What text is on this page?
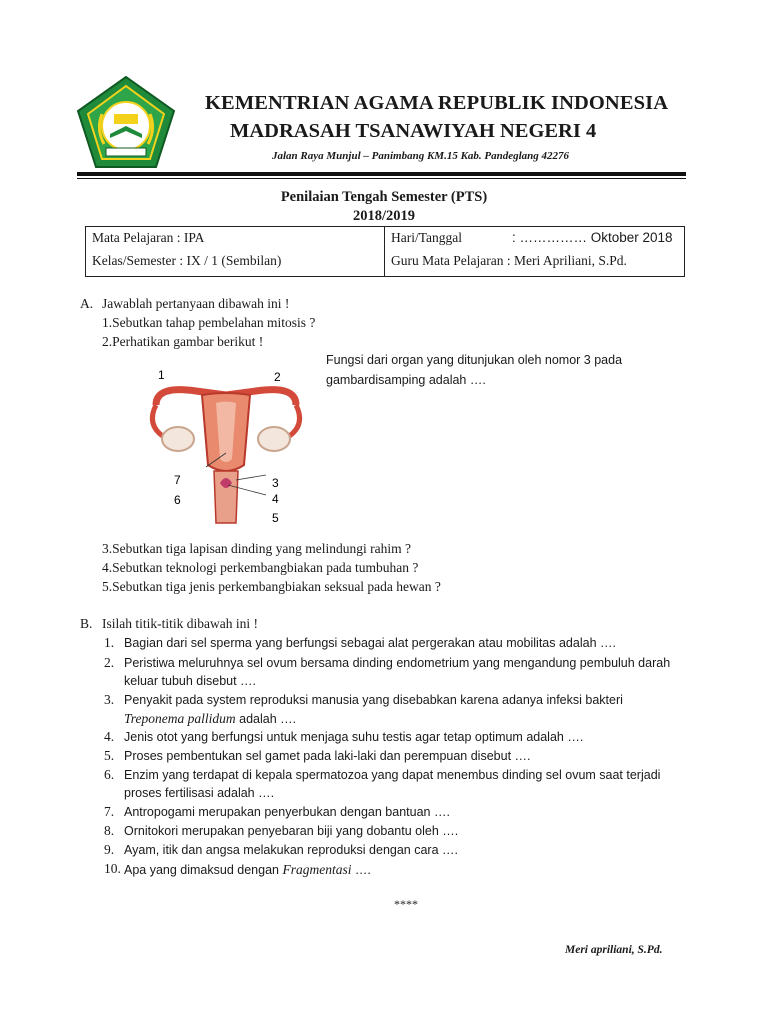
KEMENTRIAN AGAMA REPUBLIK INDONESIA
MADRASAH TSANAWIYAH NEGERI 4
Jalan Raya Munjul – Panimbang KM.15 Kab. Pandeglang 42276
Penilaian Tengah Semester (PTS)
2018/2019
Mata Pelajaran : IPA
Kelas/Semester : IX / 1 (Sembilan)
Hari/Tanggal	: …………… Oktober 2018
Guru Mata Pelajaran : Meri Apriliani, S.Pd.
A. Jawablah pertanyaan dibawah ini !
1.Sebutkan tahap pembelahan mitosis ?
2.Perhatikan gambar berikut !
Fungsi dari organ yang ditunjukan oleh nomor 3 pada
gambardisamping adalah ….
1	2
7
6
3
4
5
3.Sebutkan tiga lapisan dinding yang melindungi rahim ?
4.Sebutkan teknologi perkembangbiakan pada tumbuhan ?
5.Sebutkan tiga jenis perkembangbiakan seksual pada hewan ?
B. Isilah titik-titik dibawah ini !
1. Bagian dari sel sperma yang berfungsi sebagai alat pergerakan atau mobilitas adalah ….
2. Peristiwa meluruhnya sel ovum bersama dinding endometrium yang mengandung pembuluh darah
keluar tubuh disebut ….
3. Penyakit pada system reproduksi manusia yang disebabkan karena adanya infeksi bakteri
Treponema pallidum adalah ….
4. Jenis otot yang berfungsi untuk menjaga suhu testis agar tetap optimum adalah ….
5. Proses pembentukan sel gamet pada laki-laki dan perempuan disebut ….
6. Enzim yang terdapat di kepala spermatozoa yang dapat menembus dinding sel ovum saat terjadi
proses fertilisasi adalah ….
7. Antropogami merupakan penyerbukan dengan bantuan ….
8. Ornitokori merupakan penyebaran biji yang dobantu oleh ….
9. Ayam, itik dan angsa melakukan reproduksi dengan cara ….
10. Apa yang dimaksud dengan Fragmentasi ….
****
Meri apriliani, S.Pd.
